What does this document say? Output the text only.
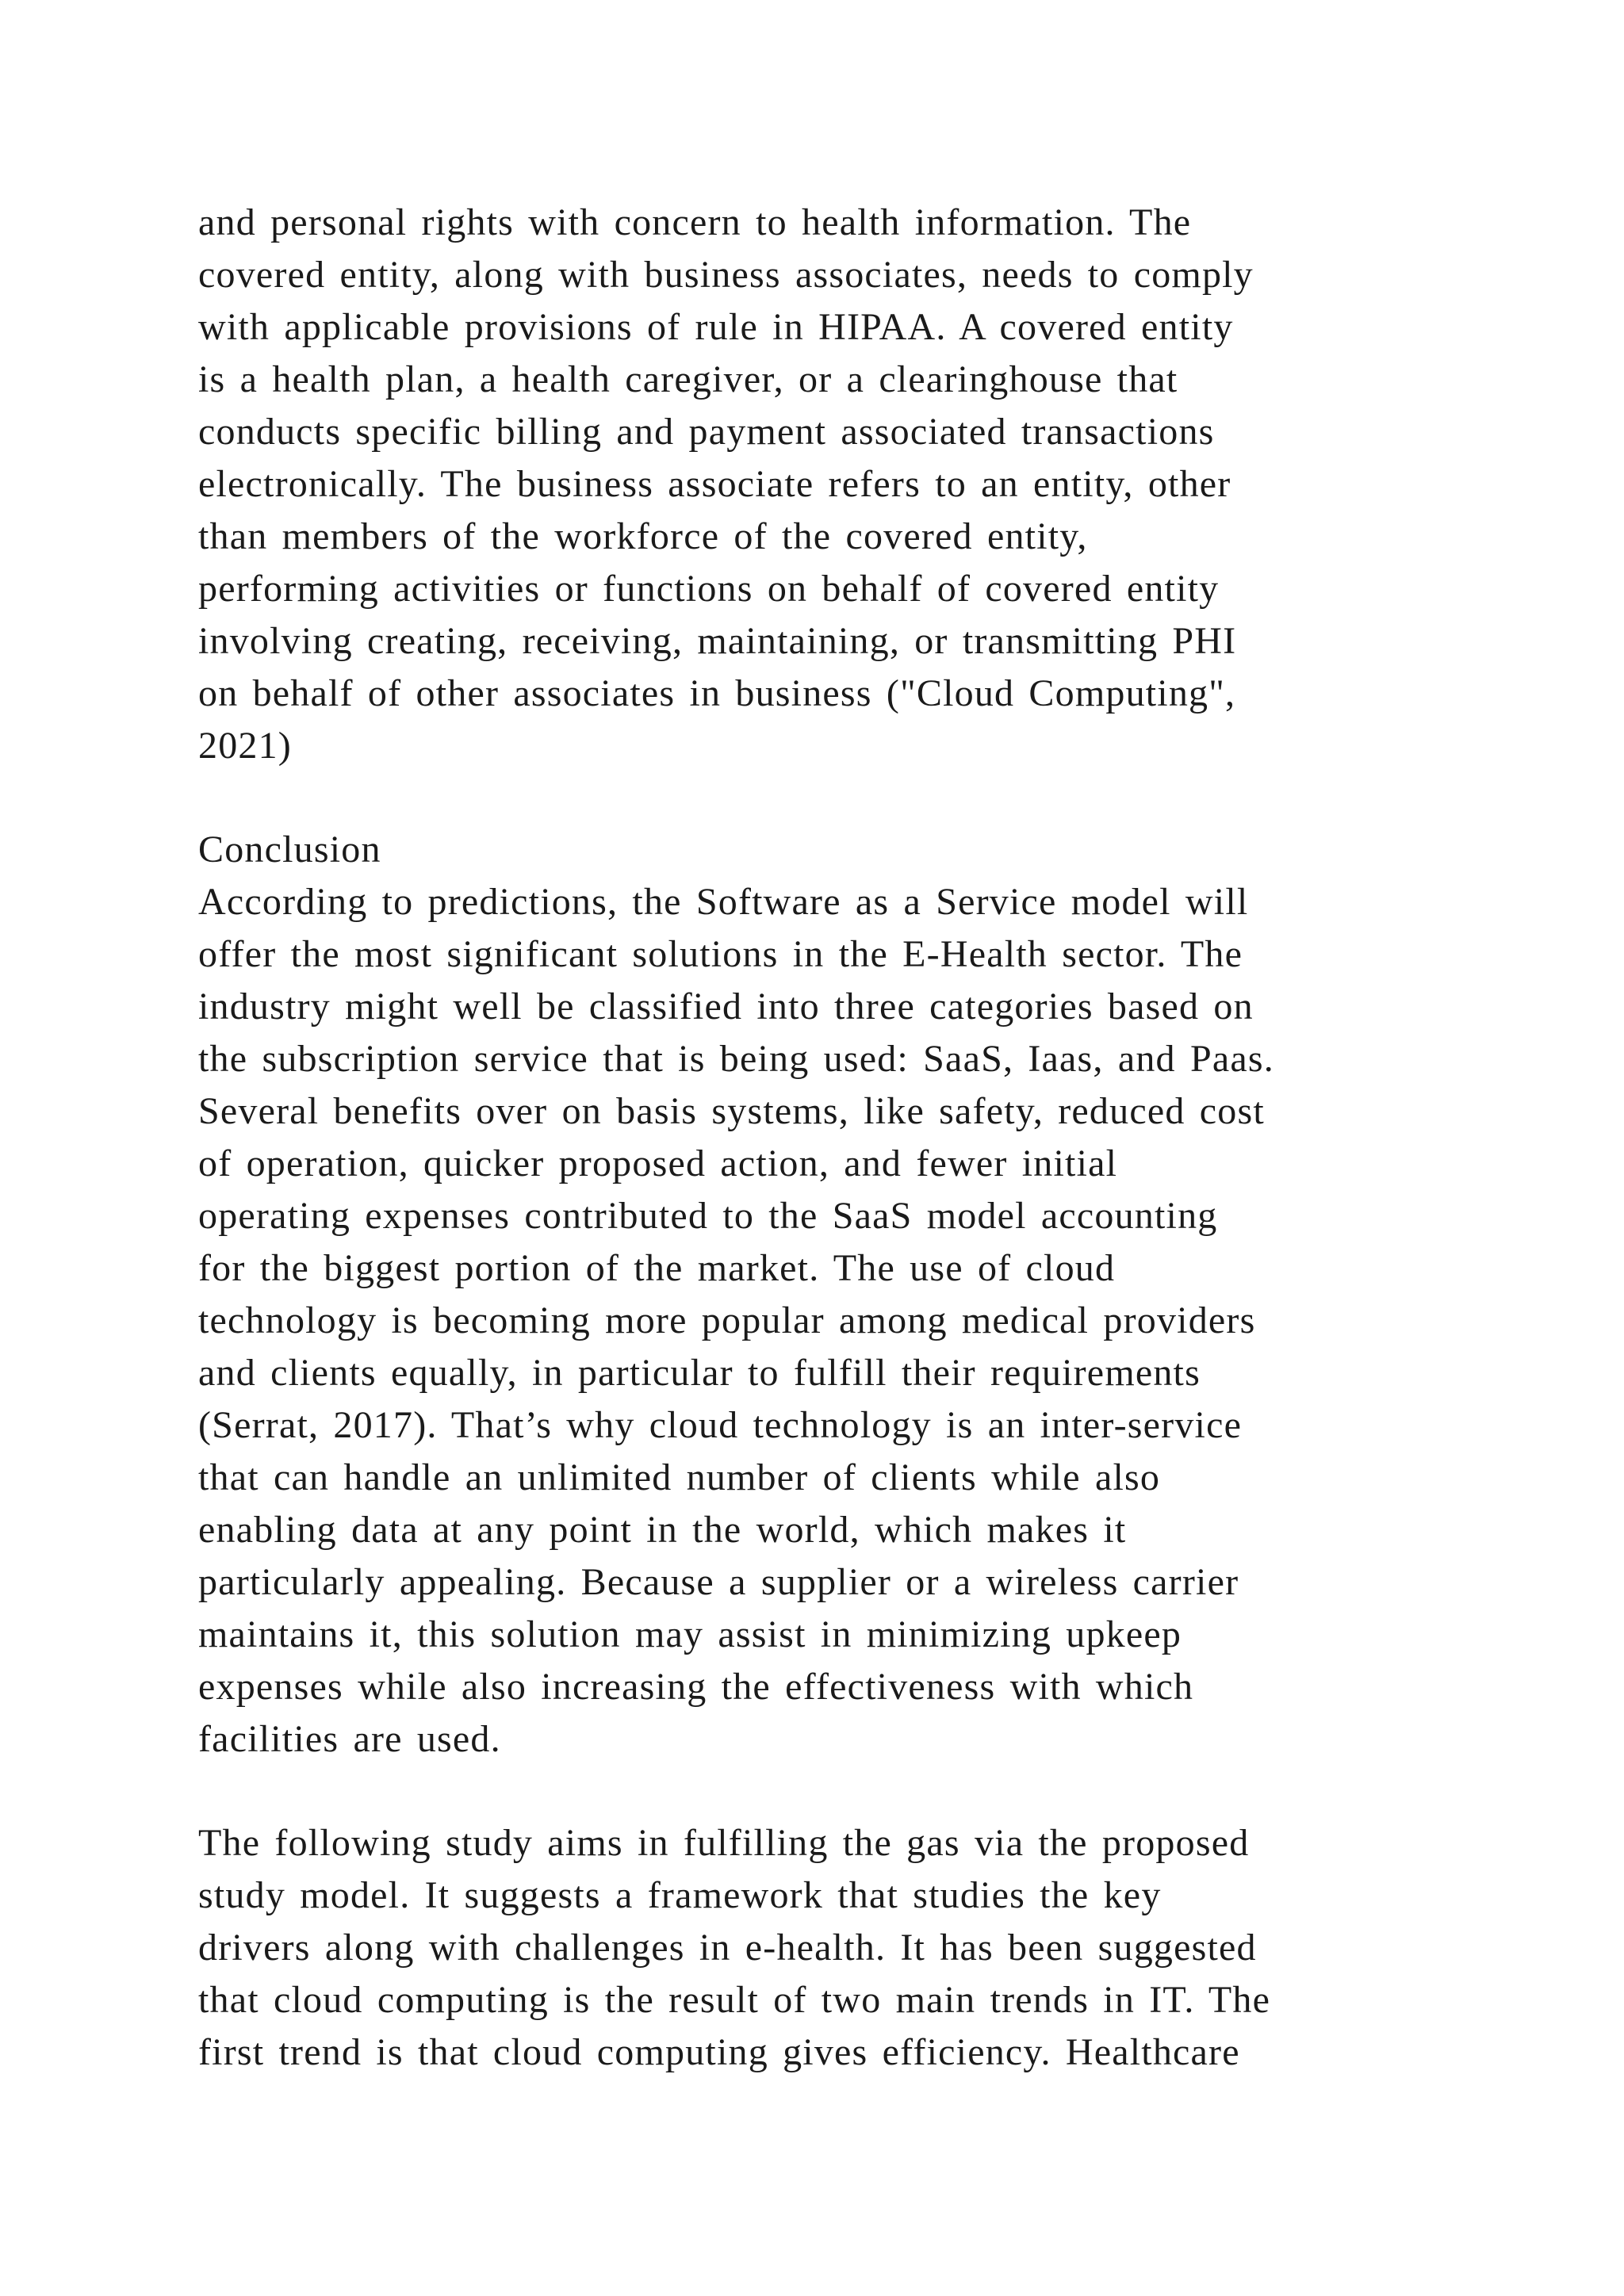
and personal rights with concern to health information. The
covered entity, along with business associates, needs to comply
with applicable provisions of rule in HIPAA. A covered entity
is a health plan, a health caregiver, or a clearinghouse that
conducts specific billing and payment associated transactions
electronically. The business associate refers to an entity, other
than members of the workforce of the covered entity,
performing activities or functions on behalf of covered entity
involving creating, receiving, maintaining, or transmitting PHI
on behalf of other associates in business ("Cloud Computing",
2021)
Conclusion
According to predictions, the Software as a Service model will
offer the most significant solutions in the E-Health sector. The
industry might well be classified into three categories based on
the subscription service that is being used: SaaS, Iaas, and Paas.
Several benefits over on basis systems, like safety, reduced cost
of operation, quicker proposed action, and fewer initial
operating expenses contributed to the SaaS model accounting
for the biggest portion of the market. The use of cloud
technology is becoming more popular among medical providers
and clients equally, in particular to fulfill their requirements
(Serrat, 2017). That’s why cloud technology is an inter-service
that can handle an unlimited number of clients while also
enabling data at any point in the world, which makes it
particularly appealing. Because a supplier or a wireless carrier
maintains it, this solution may assist in minimizing upkeep
expenses while also increasing the effectiveness with which
facilities are used.
The following study aims in fulfilling the gas via the proposed
study model. It suggests a framework that studies the key
drivers along with challenges in e-health. It has been suggested
that cloud computing is the result of two main trends in IT. The
first trend is that cloud computing gives efficiency. Healthcare
